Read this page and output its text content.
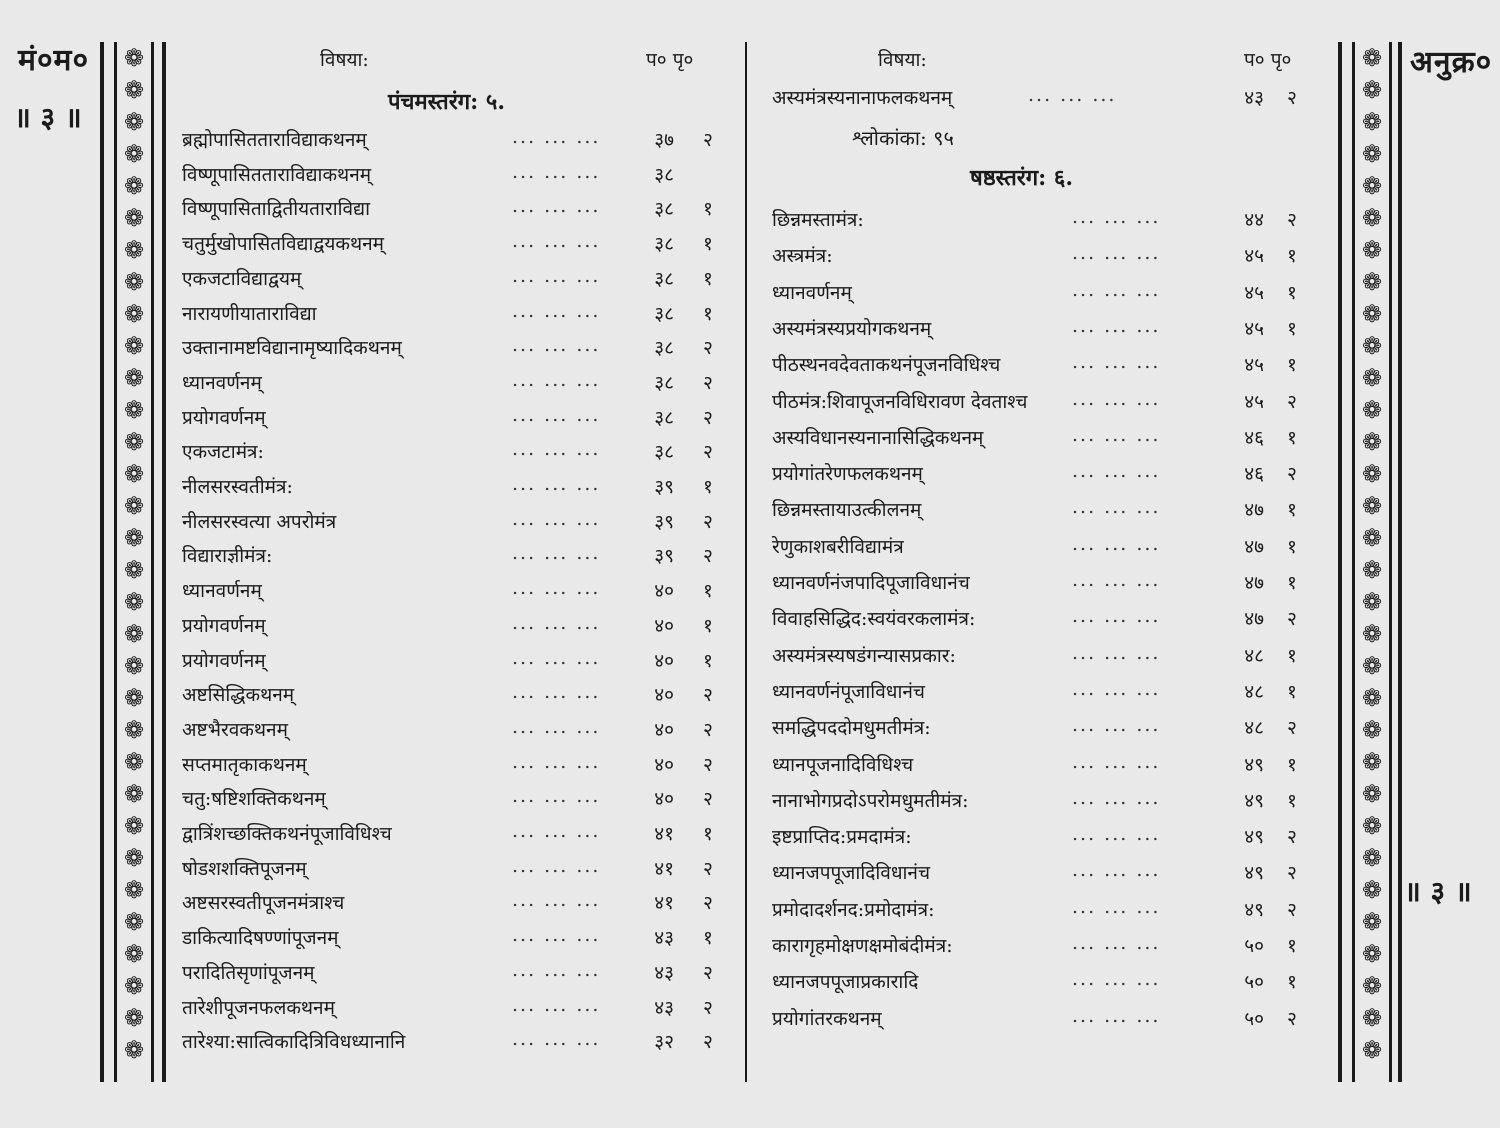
मं०म०
॥ ३ ॥
❁
❁
❁
❁
❁
❁
❁
❁
❁
❁
❁
❁
❁
❁
❁
❁
❁
❁
❁
❁
❁
❁
❁
❁
❁
❁
❁
❁
❁
❁
❁
❁
❁
❁
❁
❁
❁
❁
❁
❁
❁
❁
❁
❁
❁
❁
❁
❁
❁
❁
❁
❁
❁
❁
❁
❁
❁
❁
❁
❁
❁
❁
❁
❁
अनुक्र०
॥ ३ ॥
विषया:	प० पृ०
पंचमस्तरंग: ५.
ब्रह्मोपासितताराविद्याकथनम्	... ... ...	३७	२
विष्णूपासितताराविद्याकथनम्	... ... ...	३८
विष्णूपासिताद्वितीयताराविद्या	... ... ...	३८	१
चतुर्मुखोपासितविद्याद्वयकथनम्	... ... ...	३८	१
एकजटाविद्याद्वयम्	... ... ...	३८	१
नारायणीयाताराविद्या	... ... ...	३८	१
उक्तानामष्टविद्यानामृष्यादिकथनम्	... ... ...	३८	२
ध्यानवर्णनम्	... ... ...	३८	२
प्रयोगवर्णनम्	... ... ...	३८	२
एकजटामंत्र:	... ... ...	३८	२
नीलसरस्वतीमंत्र:	... ... ...	३९	१
नीलसरस्वत्या अपरोमंत्र	... ... ...	३९	२
विद्याराज्ञीमंत्र:	... ... ...	३९	२
ध्यानवर्णनम्	... ... ...	४०	१
प्रयोगवर्णनम्	... ... ...	४०	१
प्रयोगवर्णनम्	... ... ...	४०	१
अष्टसिद्धिकथनम्	... ... ...	४०	२
अष्टभैरवकथनम्	... ... ...	४०	२
सप्तमातृकाकथनम्	... ... ...	४०	२
चतु:षष्टिशक्तिकथनम्	... ... ...	४०	२
द्वात्रिंशच्छक्तिकथनंपूजाविधिश्च	... ... ...	४१	१
षोडशशक्तिपूजनम्	... ... ...	४१	२
अष्टसरस्वतीपूजनमंत्राश्च	... ... ...	४१	२
डाकित्यादिषण्णांपूजनम्	... ... ...	४३	१
परादितिसृणांपूजनम्	... ... ...	४३	२
तारेशीपूजनफलकथनम्	... ... ...	४३	२
तारेश्या:सात्विकादित्रिविधध्यानानि	... ... ...	३२	२
विषया:	प० पृ०
श्लोकांका: ९५
षष्ठस्तरंग: ६.
अस्यमंत्रस्यनानाफलकथनम्	... ... ...	४३	२
छिन्नमस्तामंत्र:	... ... ...	४४	२
अस्त्रमंत्र:	... ... ...	४५	१
ध्यानवर्णनम्	... ... ...	४५	१
अस्यमंत्रस्यप्रयोगकथनम्	... ... ...	४५	१
पीठस्थनवदेवताकथनंपूजनविधिश्च	... ... ...	४५	१
पीठमंत्र:शिवापूजनविधिरावण देवताश्च ... ... ...	४५	२
अस्यविधानस्यनानासिद्धिकथनम्	... ... ...	४६	१
प्रयोगांतरेणफलकथनम्	... ... ...	४६	२
छिन्नमस्तायाउत्कीलनम्	... ... ...	४७	१
रेणुकाशबरीविद्यामंत्र	... ... ...	४७	१
ध्यानवर्णनंजपादिपूजाविधानंच	... ... ...	४७	१
विवाहसिद्धिद:स्वयंवरकलामंत्र:	... ... ...	४७	२
अस्यमंत्रस्यषडंगन्यासप्रकार:	... ... ...	४८	१
ध्यानवर्णनंपूजाविधानंच	... ... ...	४८	१
समद्धिपददोमधुमतीमंत्र:	... ... ...	४८	२
ध्यानपूजनादिविधिश्च	... ... ...	४९	१
नानाभोगप्रदोऽपरोमधुमतीमंत्र:	... ... ...	४९	१
इष्टप्राप्तिद:प्रमदामंत्र:	... ... ...	४९	२
ध्यानजपपूजादिविधानंच	... ... ...	४९	२
प्रमोदादर्शनद:प्रमोदामंत्र:	... ... ...	४९	२
कारागृहमोक्षणक्षमोबंदीमंत्र:	... ... ...	५०	१
ध्यानजपपूजाप्रकारादि	... ... ...	५०	१
प्रयोगांतरकथनम्	... ... ...	५०	२
